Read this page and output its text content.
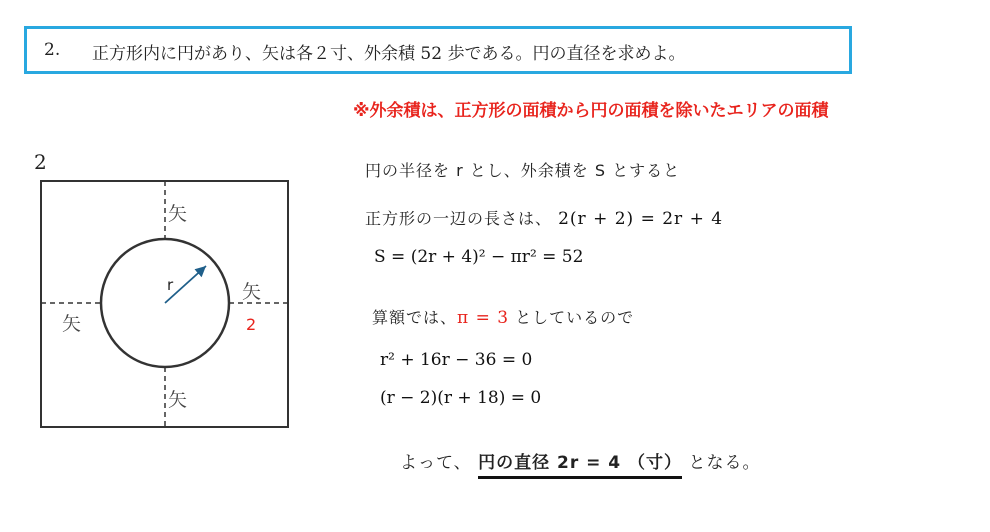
2. 正方形内に円があり、矢は各２寸、外余積 52 歩である。円の直径を求めよ。
※外余積は、正方形の面積から円の面積を除いたエリアの面積
2
矢
矢
矢
矢
r
2
円の半径を r とし、外余積を S とすると
正方形の一辺の長さは、 2(r + 2) = 2r + 4
S = (2r + 4)² − πr² = 52
算額では、π = 3 としているので
r² + 16r − 36 = 0
(r − 2)(r + 18) = 0
よって、 円の直径 2r = 4 （寸） となる。
